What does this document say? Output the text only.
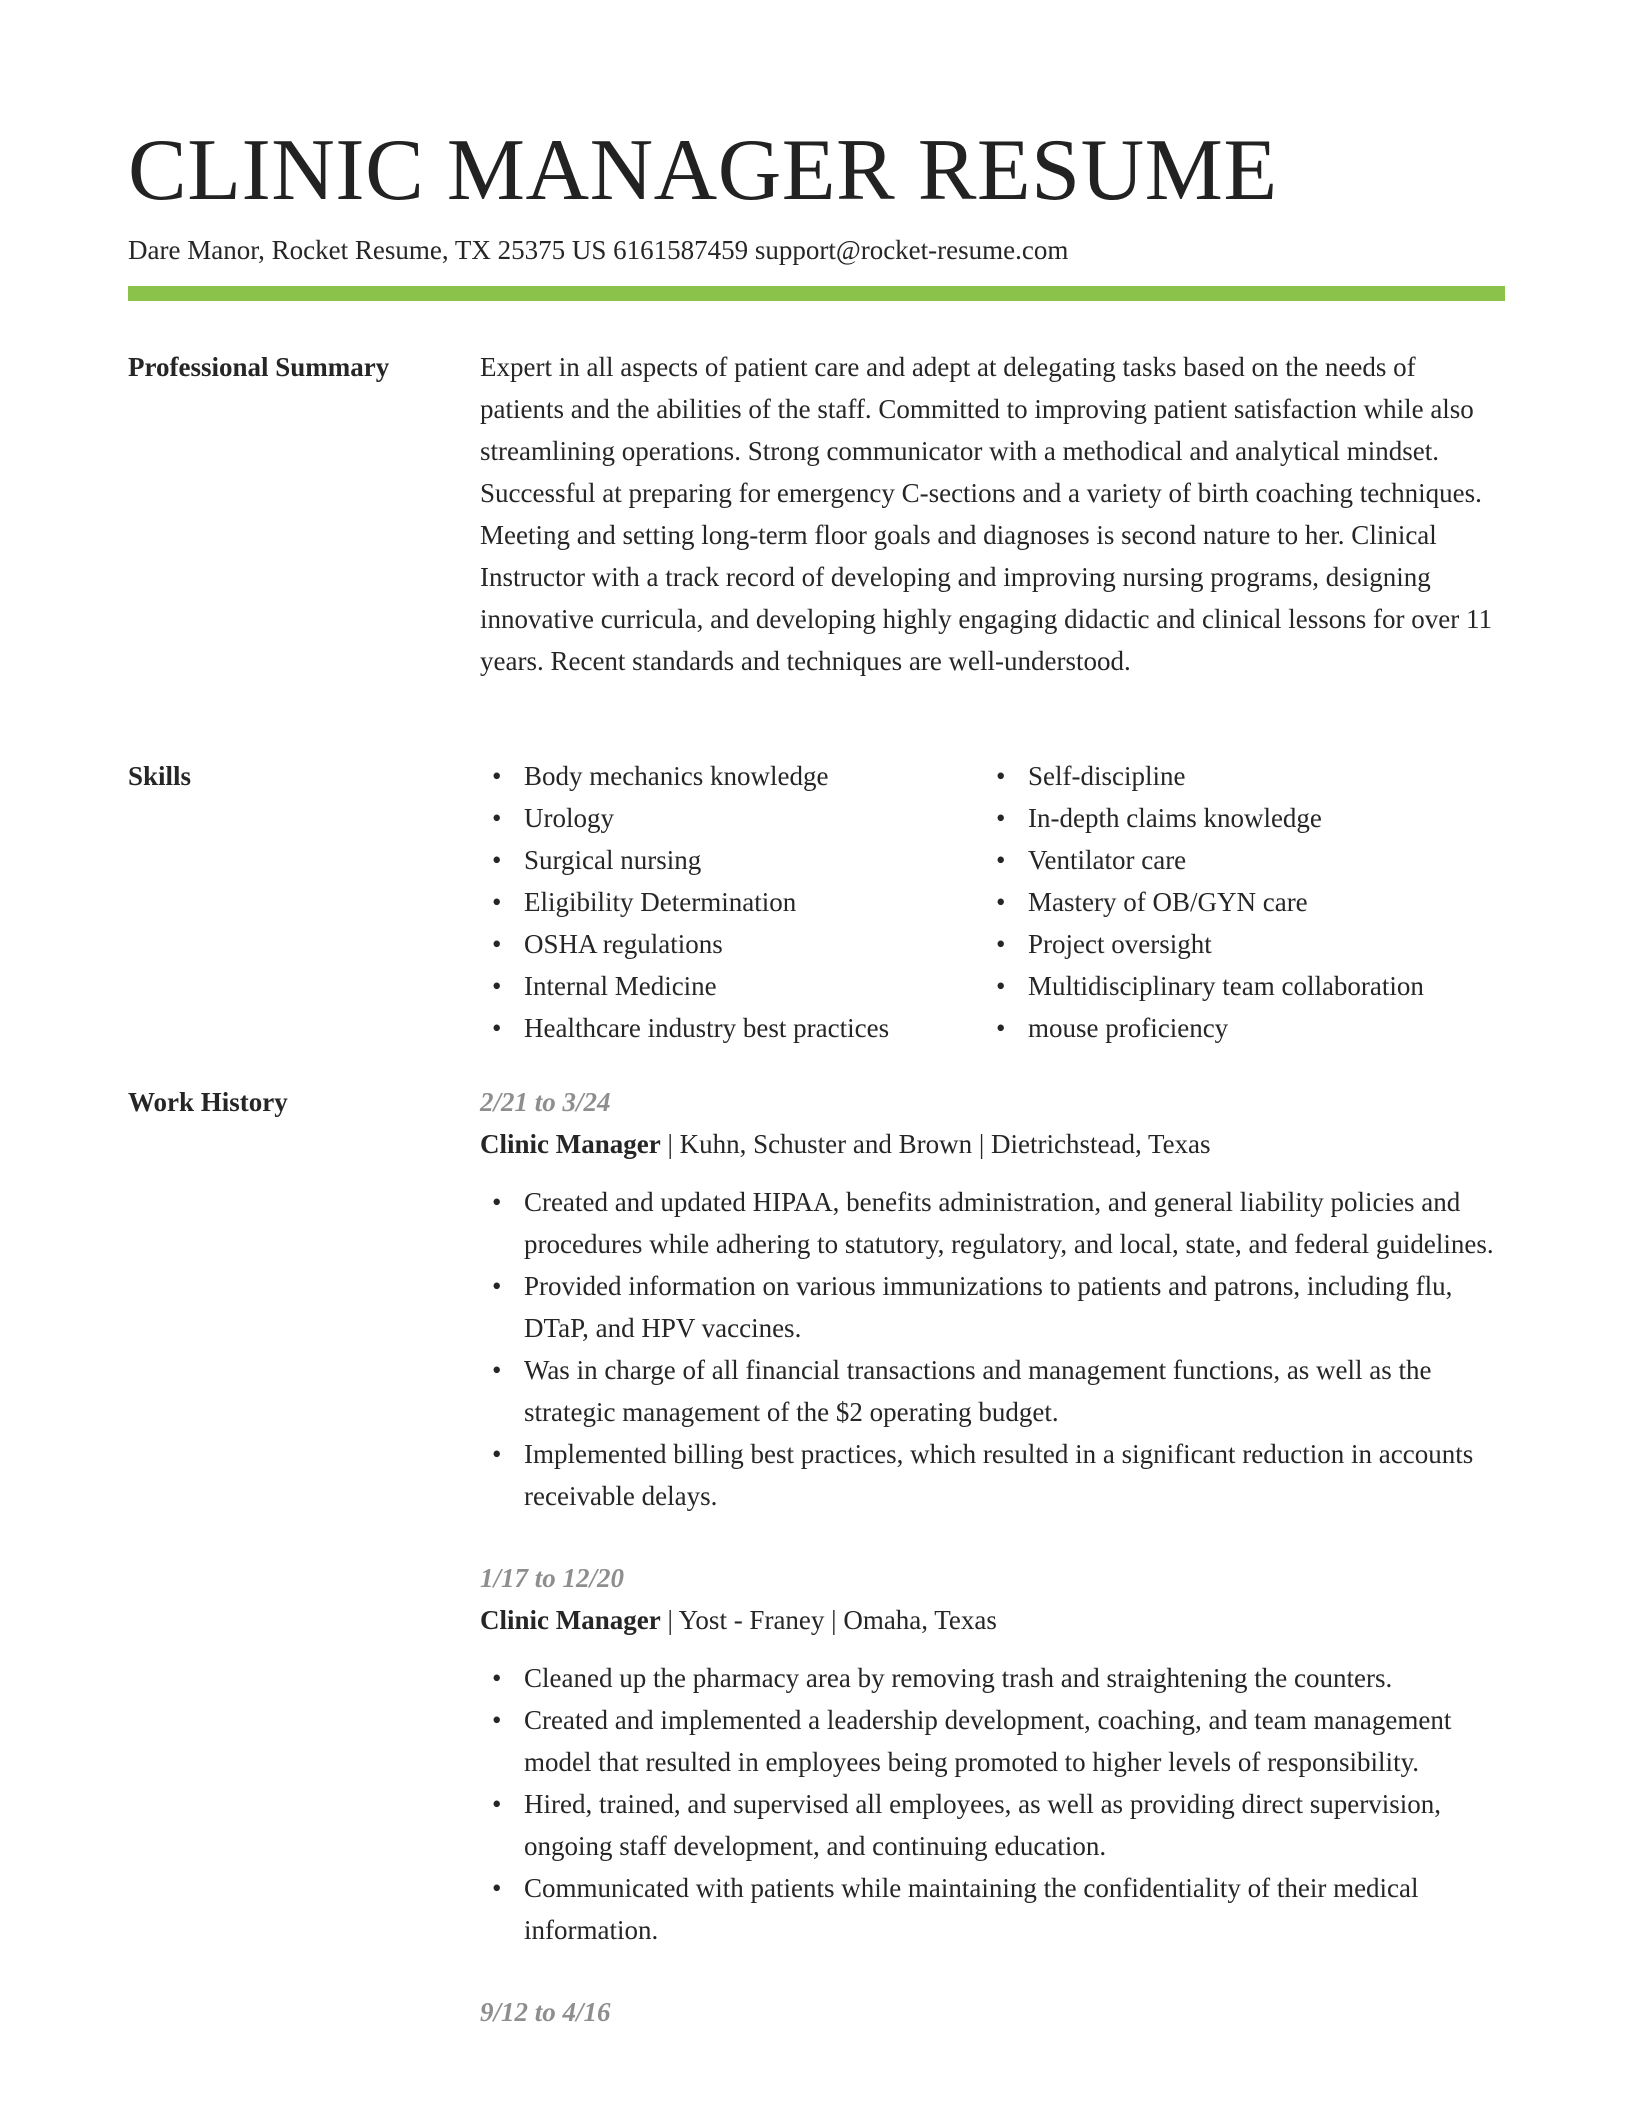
CLINIC MANAGER RESUME
Dare Manor, Rocket Resume, TX 25375 US 6161587459 support@rocket-resume.com
Professional Summary	Expert in all aspects of patient care and adept at delegating tasks based on the needs of patients and the abilities of the staff. Committed to improving patient satisfaction while also streamlining operations. Strong communicator with a methodical and analytical mindset. Successful at preparing for emergency C-sections and a variety of birth coaching techniques. Meeting and setting long-term floor goals and diagnoses is second nature to her. Clinical Instructor with a track record of developing and improving nursing programs, designing innovative curricula, and developing highly engaging didactic and clinical lessons for over 11 years. Recent standards and techniques are well-understood.

Skills
•	Body mechanics knowledge
• Urology
• Surgical nursing
• Eligibility Determination
• OSHA regulations
• Internal Medicine
• Healthcare industry best practices
• Self-discipline
• In-depth claims knowledge
• Ventilator care
• Mastery of OB/GYN care
• Project oversight
• Multidisciplinary team collaboration
• mouse proficiency
Work History	2/21 to 3/24
Clinic Manager | Kuhn, Schuster and Brown | Dietrichstead, Texas
• Created and updated HIPAA, benefits administration, and general liability policies and procedures while adhering to statutory, regulatory, and local, state, and federal guidelines.
• Provided information on various immunizations to patients and patrons, including flu, DTaP, and HPV vaccines.
• Was in charge of all financial transactions and management functions, as well as the strategic management of the $2 operating budget.
• Implemented billing best practices, which resulted in a significant reduction in accounts receivable delays.
1/17 to 12/20
Clinic Manager | Yost - Franey | Omaha, Texas
• Cleaned up the pharmacy area by removing trash and straightening the counters.
• Created and implemented a leadership development, coaching, and team management model that resulted in employees being promoted to higher levels of responsibility.
• Hired, trained, and supervised all employees, as well as providing direct supervision, ongoing staff development, and continuing education.
• Communicated with patients while maintaining the confidentiality of their medical information.
9/12 to 4/16
